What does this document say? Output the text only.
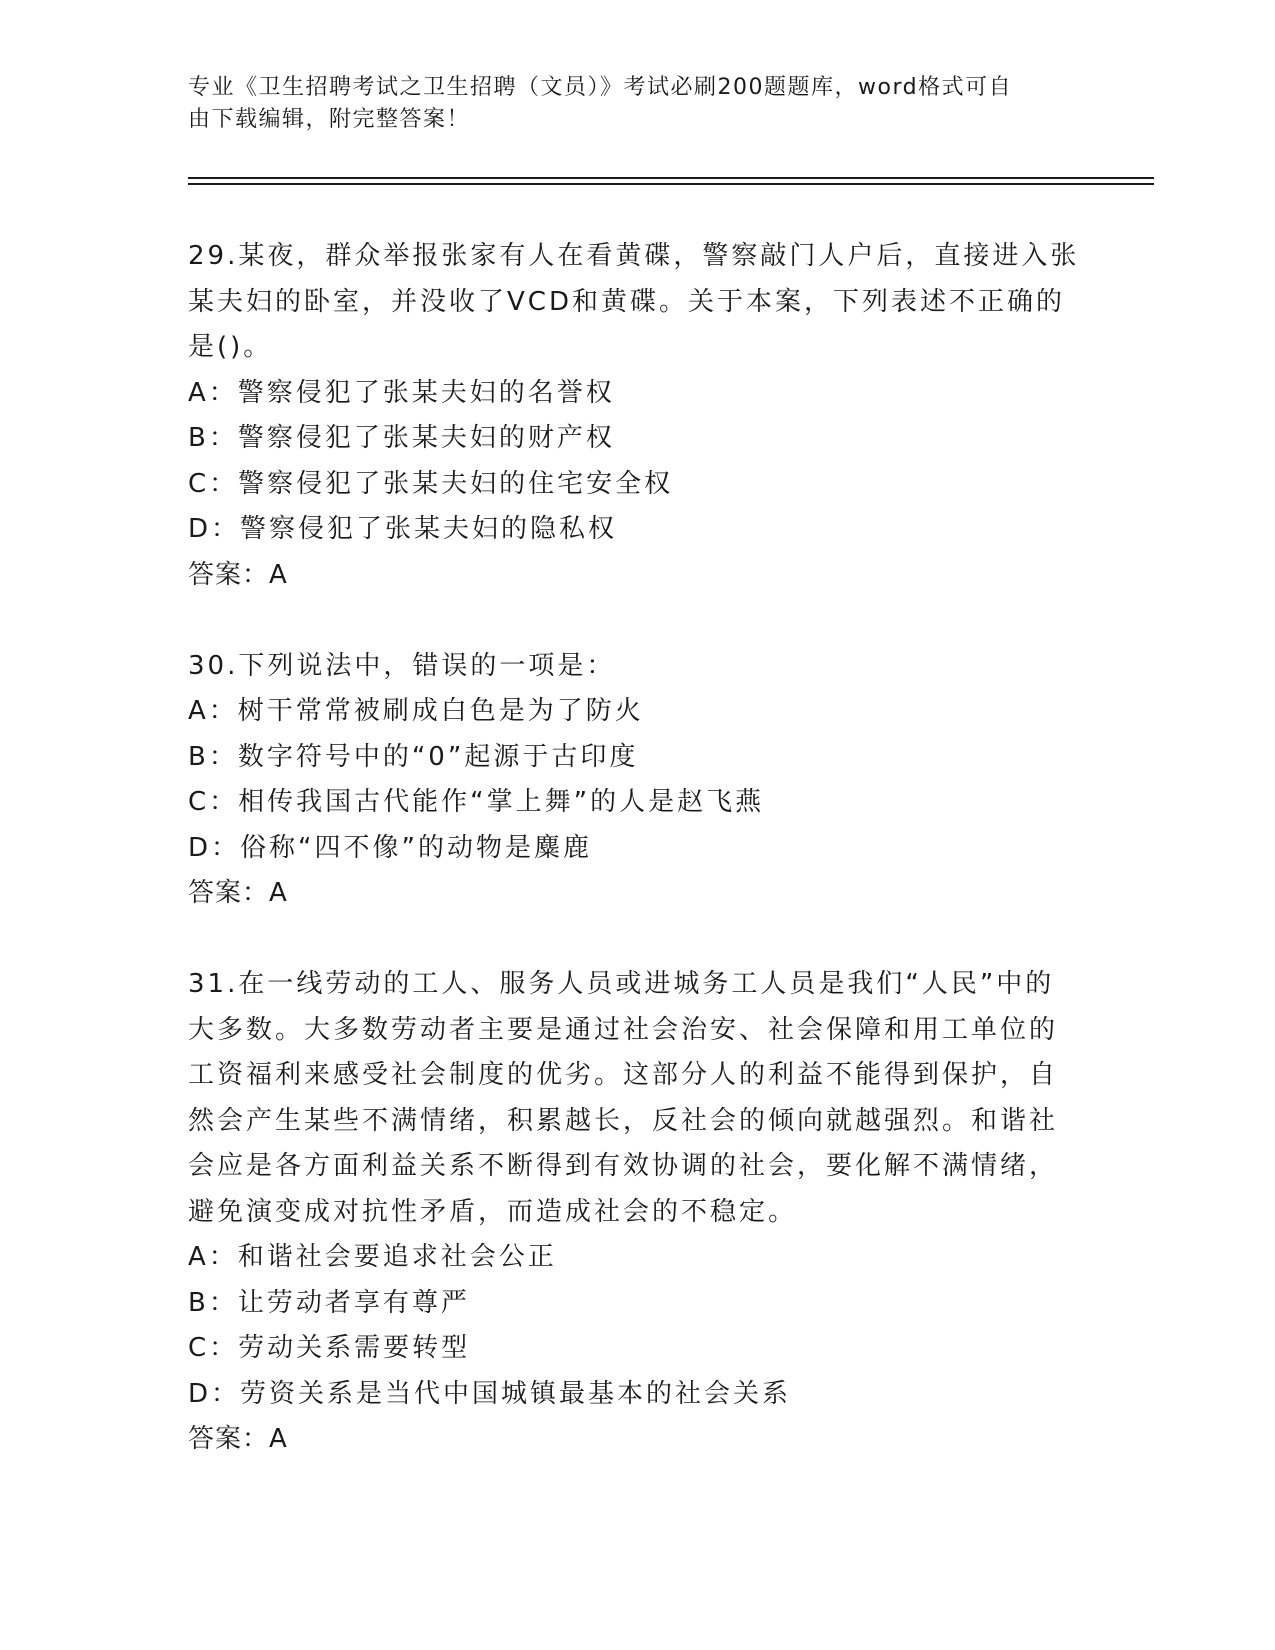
专业《卫生招聘考试之卫生招聘（文员）》考试必刷200题题库，word格式可自
由下载编辑，附完整答案！

29.某夜，群众举报张家有人在看黄碟，警察敲门人户后，直接进入张

某夫妇的卧室，并没收了VCD和黄碟。关于本案，下列表述不正确的

是()。

A：警察侵犯了张某夫妇的名誉权

B：警察侵犯了张某夫妇的财产权

C：警察侵犯了张某夫妇的住宅安全权

D：警察侵犯了张某夫妇的隐私权

答案：A

30.下列说法中，错误的一项是：

A：树干常常被刷成白色是为了防火

B：数字符号中的“0”起源于古印度

C：相传我国古代能作“掌上舞”的人是赵飞燕

D：俗称“四不像”的动物是麋鹿

答案：A

31.在一线劳动的工人、服务人员或进城务工人员是我们“人民”中的

大多数。大多数劳动者主要是通过社会治安、社会保障和用工单位的

工资福利来感受社会制度的优劣。这部分人的利益不能得到保护，自

然会产生某些不满情绪，积累越长，反社会的倾向就越强烈。和谐社

会应是各方面利益关系不断得到有效协调的社会，要化解不满情绪，

避免演变成对抗性矛盾，而造成社会的不稳定。

A：和谐社会要追求社会公正

B：让劳动者享有尊严

C：劳动关系需要转型

D：劳资关系是当代中国城镇最基本的社会关系

答案：A
